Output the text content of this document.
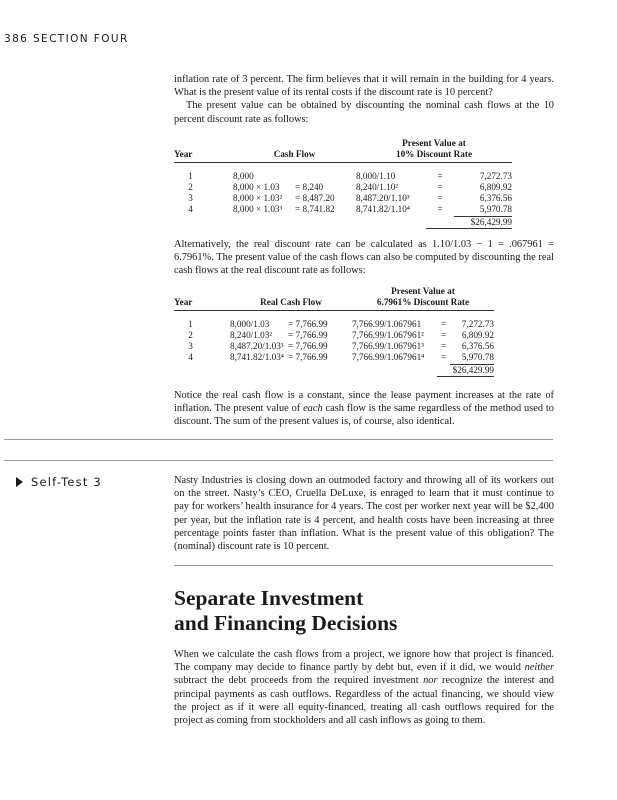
386 SECTION FOUR

inflation rate of 3 percent. The firm believes that it will remain in the building for 4 years. What is the present value of its rental costs if the discount rate is 10 percent?

The present value can be obtained by discounting the nominal cash flows at the 10 percent discount rate as follows:

Year		Cash Flow		Present Value at
10% Discount Rate			

1		8,000		8,000/1.10	=	7,272.73	
2		8,000 × 1.03	= 8,240	8,240/1.10²	=	6,809.92	
3		8,000 × 1.03²	= 8,487.20	8,487.20/1.10³	=	6,376.56	
4		8,000 × 1.03³	= 8,741.82	8,741.82/1.10⁴	=	5,970.78	
					$26,429.99		

Alternatively, the real discount rate can be calculated as 1.10/1.03 − 1 = .067961 = 6.7961%. The present value of the cash flows can also be computed by discounting the real cash flows at the real discount rate as follows:

Year		Real Cash Flow		Present Value at
6.7961% Discount Rate			

1		8,000/1.03	= 7,766.99	7,766.99/1.067961	=	7,272.73	
2		8,240/1.03²	= 7,766.99	7,766.99/1.067961²	=	6,809.92	
3		8,487.20/1.03³	= 7,766.99	7,766.99/1.067961³	=	6,376.56	
4		8,741.82/1.03⁴	= 7,766.99	7,766.99/1.067961⁴	=	5,970.78	
					$26,429.99		

Notice the real cash flow is a constant, since the lease payment increases at the rate of inflation. The present value of each cash flow is the same regardless of the method used to discount. The sum of the present values is, of course, also identical.

Self-Test 3	Nasty Industries is closing down an outmoded factory and throwing all of its workers out on the street. Nasty’s CEO, Cruella DeLuxe, is enraged to learn that it must continue to pay for workers’ health insurance for 4 years. The cost per worker next year will be $2,400 per year, but the inflation rate is 4 percent, and health costs have been increasing at three percentage points faster than inflation. What is the present value of this obligation? The (nominal) discount rate is 10 percent.

Separate Investment
and Financing Decisions

When we calculate the cash flows from a project, we ignore how that project is financed. The company may decide to finance partly by debt but, even if it did, we would neither subtract the debt proceeds from the required investment nor recognize the interest and principal payments as cash outflows. Regardless of the actual financing, we should view the project as if it were all equity-financed, treating all cash outflows required for the project as coming from stockholders and all cash inflows as going to them.
